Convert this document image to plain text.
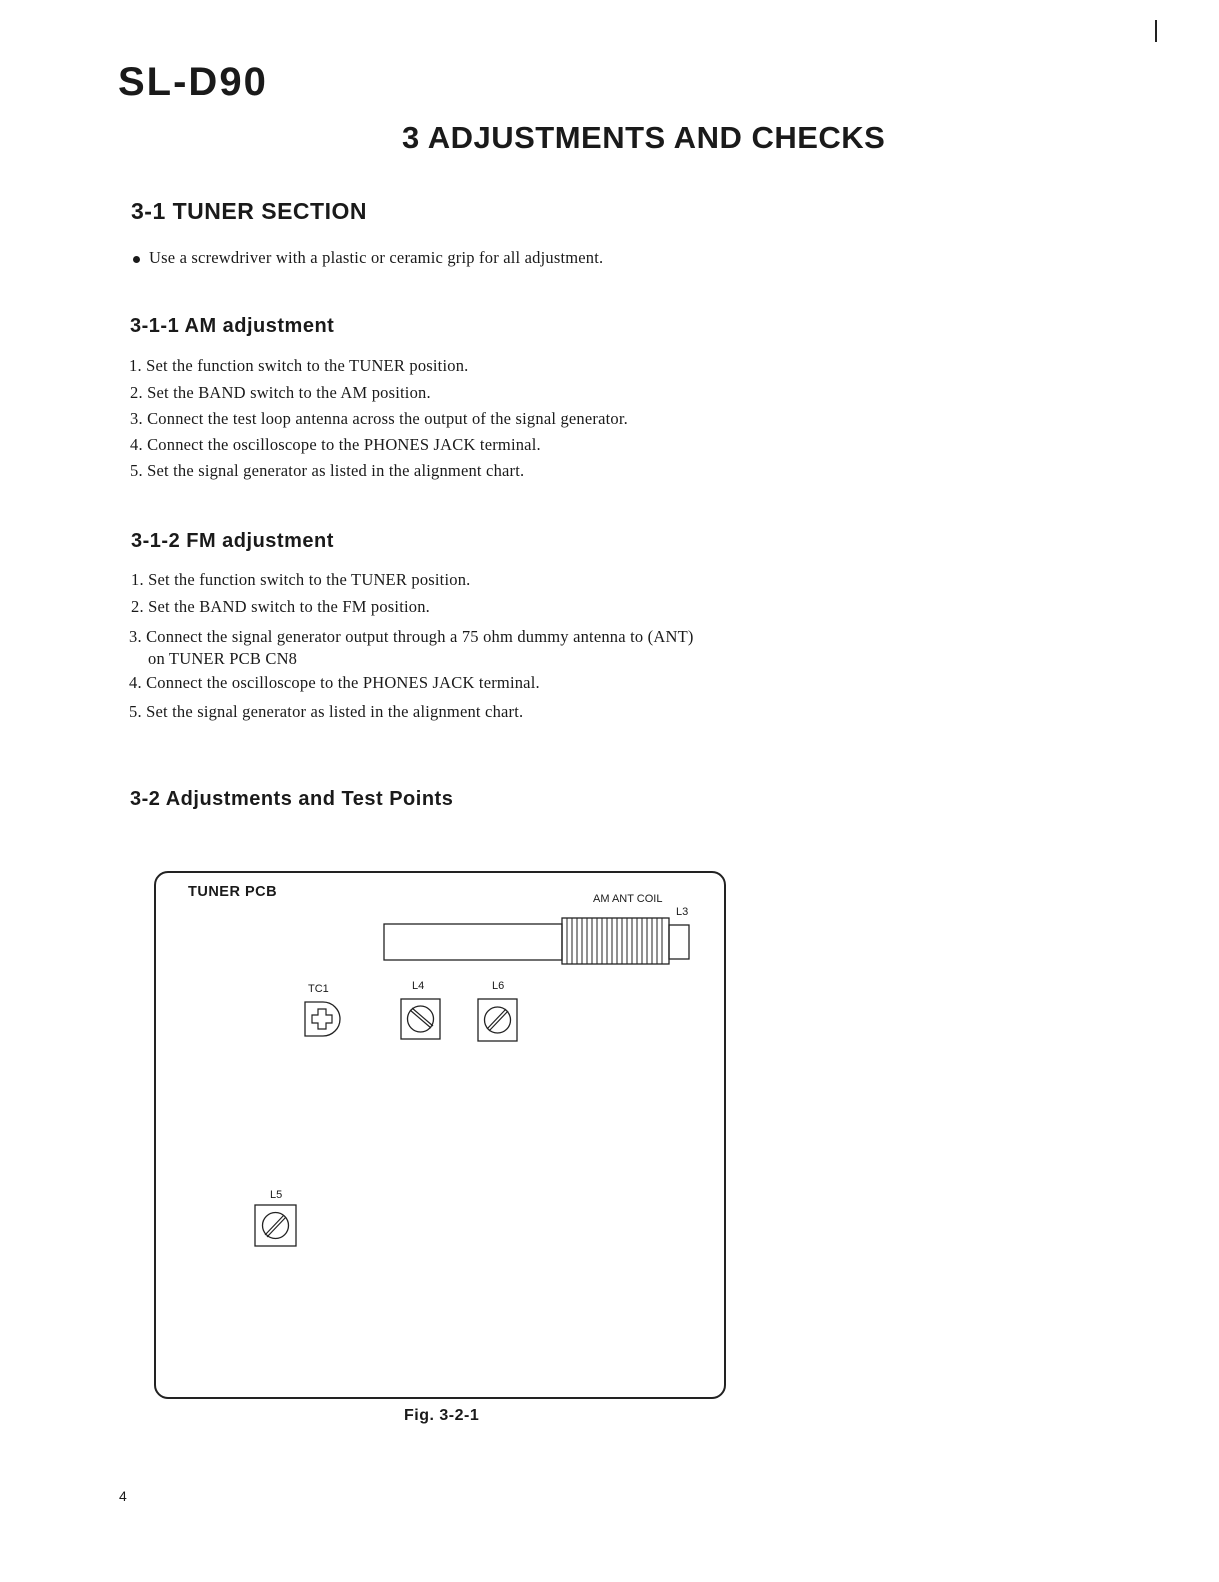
SL-D90
3 ADJUSTMENTS AND CHECKS
3-1 TUNER SECTION
Use a screwdriver with a plastic or ceramic grip for all adjustment.
3-1-1 AM adjustment
1. Set the function switch to the TUNER position.
2. Set the BAND switch to the AM position.
3. Connect the test loop antenna across the output of the signal generator.
4. Connect the oscilloscope to the PHONES JACK terminal.
5. Set the signal generator as listed in the alignment chart.
3-1-2 FM adjustment
1. Set the function switch to the TUNER position.
2. Set the BAND switch to the FM position.
3. Connect the signal generator output through a 75 ohm dummy antenna to (ANT)
on TUNER PCB CN8
4. Connect the oscilloscope to the PHONES JACK terminal.
5. Set the signal generator as listed in the alignment chart.
3-2 Adjustments and Test Points
TUNER PCB	AM ANT COIL
L3
TC1	L4	L6
L5
Fig. 3-2-1
4
